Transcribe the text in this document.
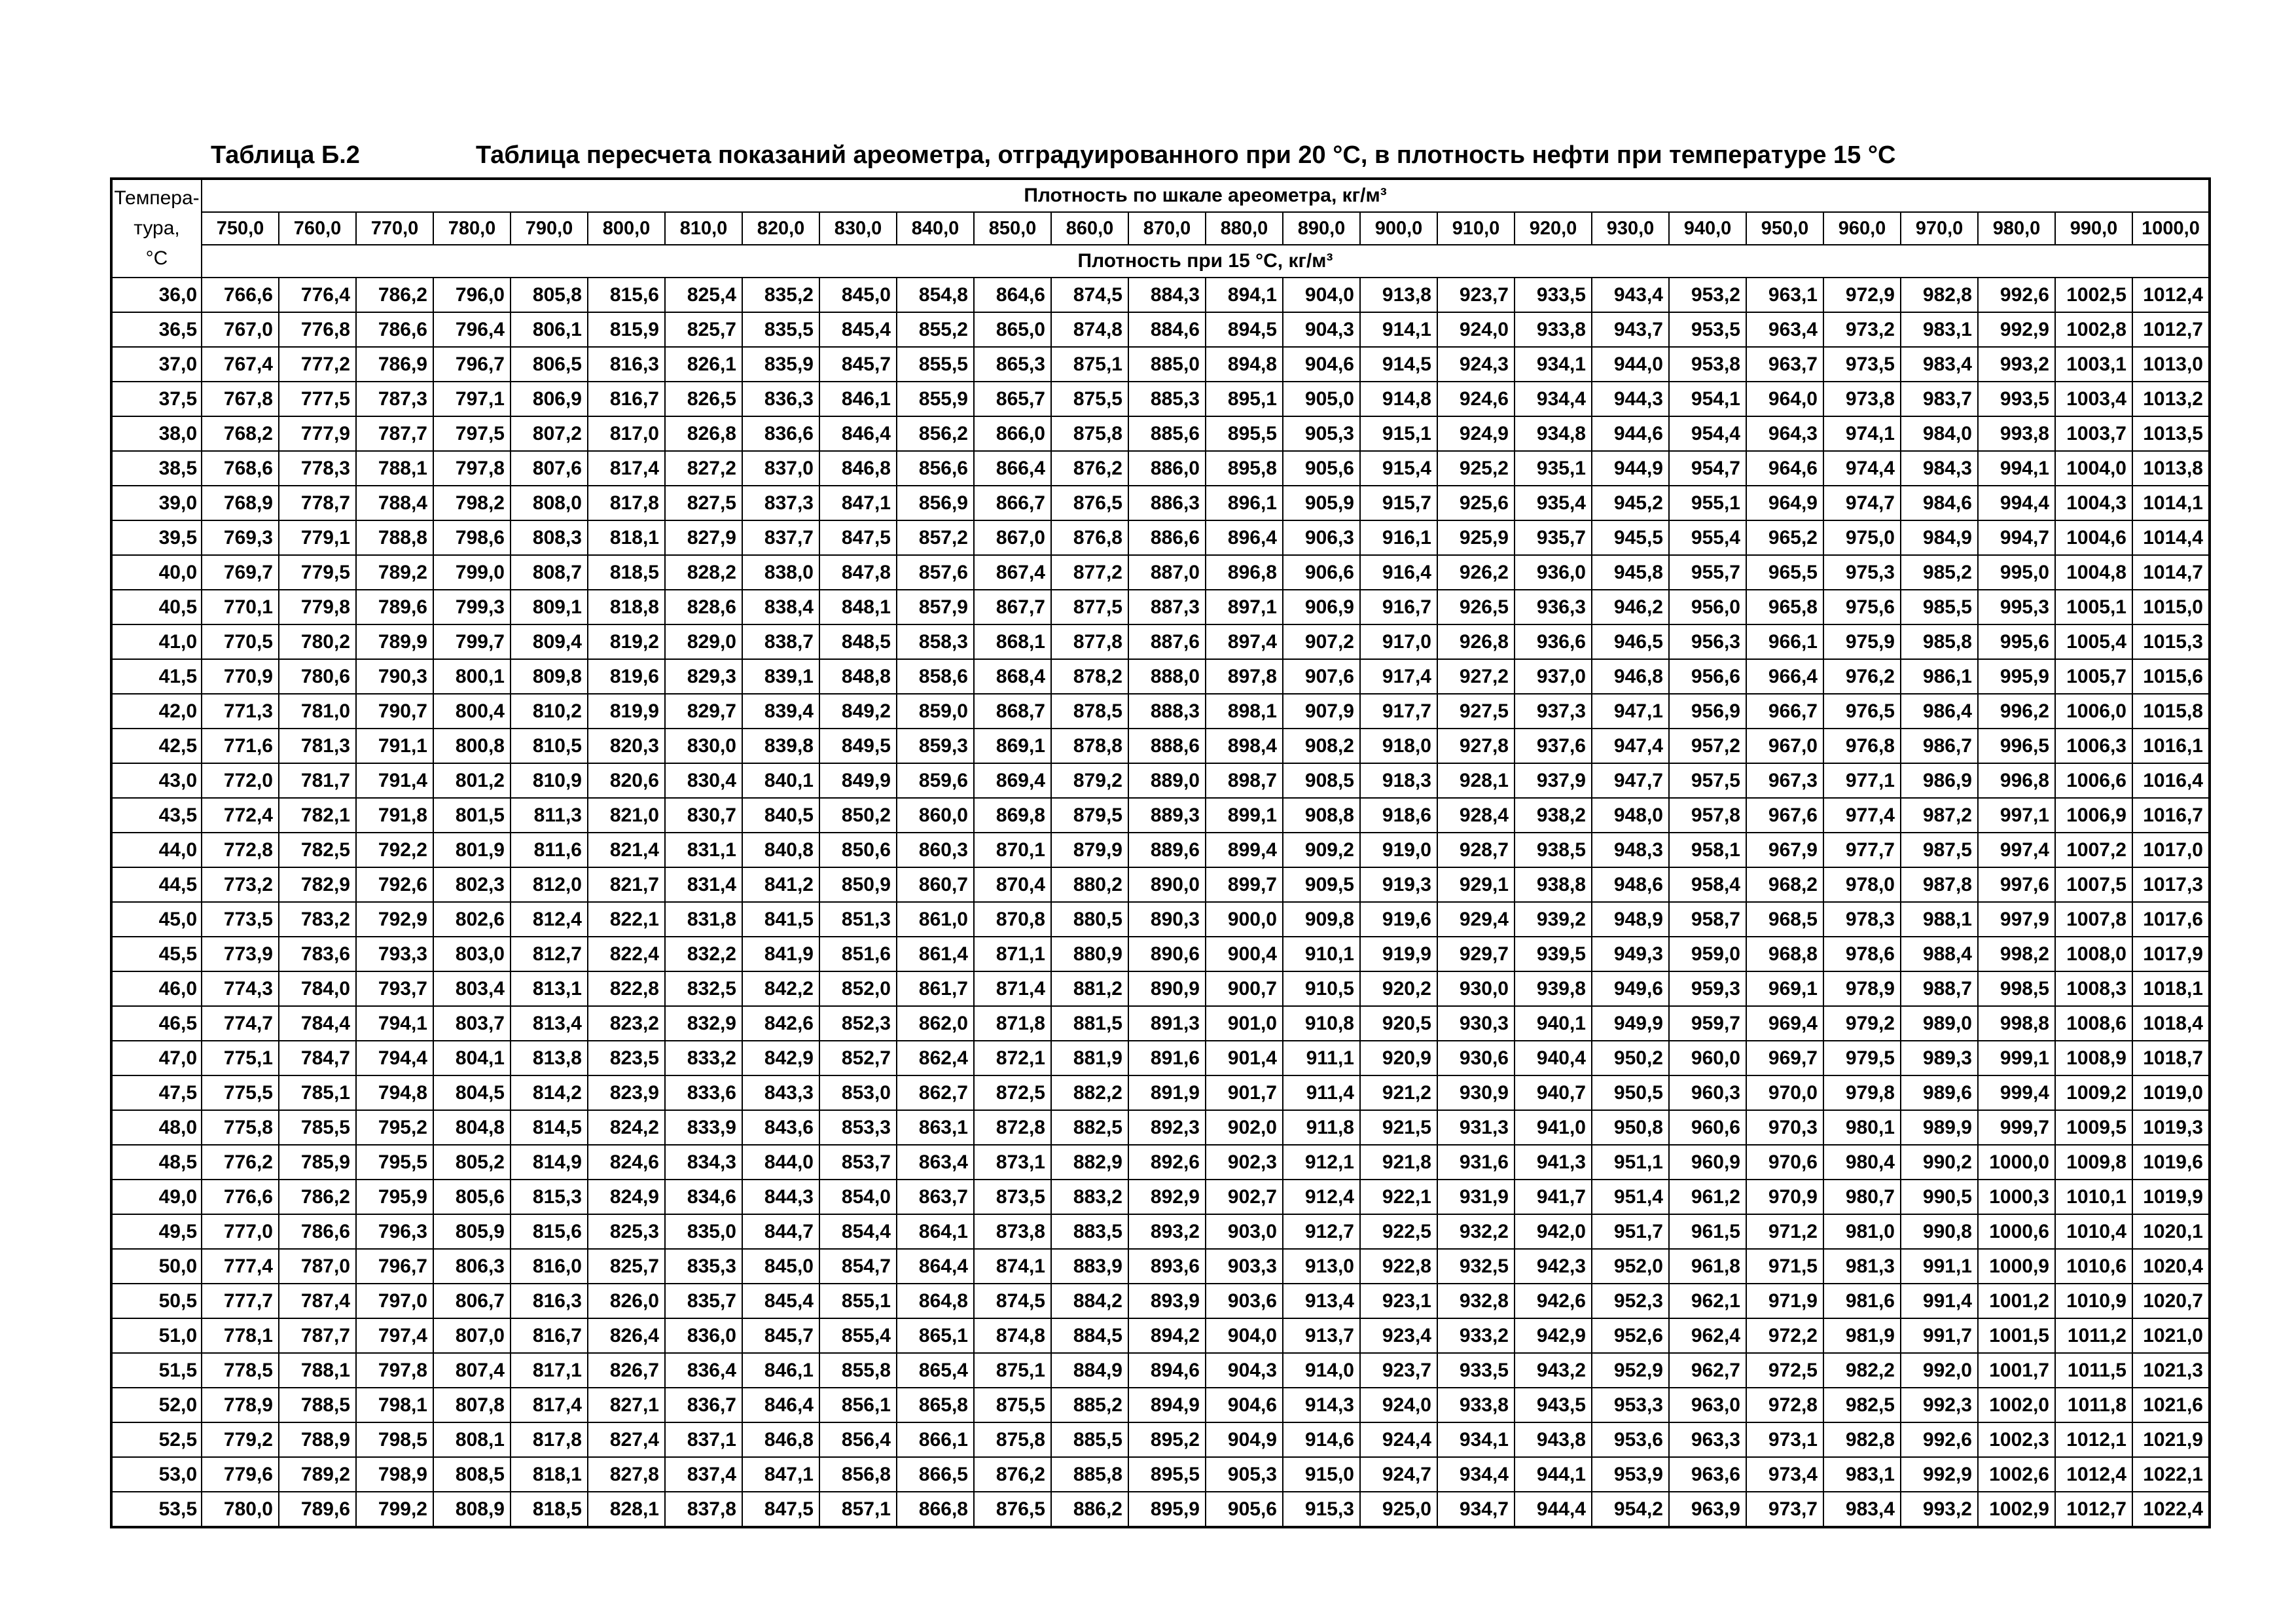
Таблица Б.2	Таблица пересчета показаний ареометра, отградуированного при 20 °С, в плотность нефти при температуре 15 °С
Темпера-
тура,
°С	Плотность по шкале ареометра, кг/м³																									
	750,0	760,0	770,0	780,0	790,0	800,0	810,0	820,0	830,0	840,0	850,0	860,0	870,0	880,0	890,0	900,0	910,0	920,0	930,0	940,0	950,0	960,0	970,0	980,0	990,0	1000,0
	Плотность при 15 °С, кг/м³																									
36,0	766,6	776,4	786,2	796,0	805,8	815,6	825,4	835,2	845,0	854,8	864,6	874,5	884,3	894,1	904,0	913,8	923,7	933,5	943,4	953,2	963,1	972,9	982,8	992,6	1002,5	1012,4
36,5	767,0	776,8	786,6	796,4	806,1	815,9	825,7	835,5	845,4	855,2	865,0	874,8	884,6	894,5	904,3	914,1	924,0	933,8	943,7	953,5	963,4	973,2	983,1	992,9	1002,8	1012,7
37,0	767,4	777,2	786,9	796,7	806,5	816,3	826,1	835,9	845,7	855,5	865,3	875,1	885,0	894,8	904,6	914,5	924,3	934,1	944,0	953,8	963,7	973,5	983,4	993,2	1003,1	1013,0
37,5	767,8	777,5	787,3	797,1	806,9	816,7	826,5	836,3	846,1	855,9	865,7	875,5	885,3	895,1	905,0	914,8	924,6	934,4	944,3	954,1	964,0	973,8	983,7	993,5	1003,4	1013,2
38,0	768,2	777,9	787,7	797,5	807,2	817,0	826,8	836,6	846,4	856,2	866,0	875,8	885,6	895,5	905,3	915,1	924,9	934,8	944,6	954,4	964,3	974,1	984,0	993,8	1003,7	1013,5
38,5	768,6	778,3	788,1	797,8	807,6	817,4	827,2	837,0	846,8	856,6	866,4	876,2	886,0	895,8	905,6	915,4	925,2	935,1	944,9	954,7	964,6	974,4	984,3	994,1	1004,0	1013,8
39,0	768,9	778,7	788,4	798,2	808,0	817,8	827,5	837,3	847,1	856,9	866,7	876,5	886,3	896,1	905,9	915,7	925,6	935,4	945,2	955,1	964,9	974,7	984,6	994,4	1004,3	1014,1
39,5	769,3	779,1	788,8	798,6	808,3	818,1	827,9	837,7	847,5	857,2	867,0	876,8	886,6	896,4	906,3	916,1	925,9	935,7	945,5	955,4	965,2	975,0	984,9	994,7	1004,6	1014,4
40,0	769,7	779,5	789,2	799,0	808,7	818,5	828,2	838,0	847,8	857,6	867,4	877,2	887,0	896,8	906,6	916,4	926,2	936,0	945,8	955,7	965,5	975,3	985,2	995,0	1004,8	1014,7
40,5	770,1	779,8	789,6	799,3	809,1	818,8	828,6	838,4	848,1	857,9	867,7	877,5	887,3	897,1	906,9	916,7	926,5	936,3	946,2	956,0	965,8	975,6	985,5	995,3	1005,1	1015,0
41,0	770,5	780,2	789,9	799,7	809,4	819,2	829,0	838,7	848,5	858,3	868,1	877,8	887,6	897,4	907,2	917,0	926,8	936,6	946,5	956,3	966,1	975,9	985,8	995,6	1005,4	1015,3
41,5	770,9	780,6	790,3	800,1	809,8	819,6	829,3	839,1	848,8	858,6	868,4	878,2	888,0	897,8	907,6	917,4	927,2	937,0	946,8	956,6	966,4	976,2	986,1	995,9	1005,7	1015,6
42,0	771,3	781,0	790,7	800,4	810,2	819,9	829,7	839,4	849,2	859,0	868,7	878,5	888,3	898,1	907,9	917,7	927,5	937,3	947,1	956,9	966,7	976,5	986,4	996,2	1006,0	1015,8
42,5	771,6	781,3	791,1	800,8	810,5	820,3	830,0	839,8	849,5	859,3	869,1	878,8	888,6	898,4	908,2	918,0	927,8	937,6	947,4	957,2	967,0	976,8	986,7	996,5	1006,3	1016,1
43,0	772,0	781,7	791,4	801,2	810,9	820,6	830,4	840,1	849,9	859,6	869,4	879,2	889,0	898,7	908,5	918,3	928,1	937,9	947,7	957,5	967,3	977,1	986,9	996,8	1006,6	1016,4
43,5	772,4	782,1	791,8	801,5	811,3	821,0	830,7	840,5	850,2	860,0	869,8	879,5	889,3	899,1	908,8	918,6	928,4	938,2	948,0	957,8	967,6	977,4	987,2	997,1	1006,9	1016,7
44,0	772,8	782,5	792,2	801,9	811,6	821,4	831,1	840,8	850,6	860,3	870,1	879,9	889,6	899,4	909,2	919,0	928,7	938,5	948,3	958,1	967,9	977,7	987,5	997,4	1007,2	1017,0
44,5	773,2	782,9	792,6	802,3	812,0	821,7	831,4	841,2	850,9	860,7	870,4	880,2	890,0	899,7	909,5	919,3	929,1	938,8	948,6	958,4	968,2	978,0	987,8	997,6	1007,5	1017,3
45,0	773,5	783,2	792,9	802,6	812,4	822,1	831,8	841,5	851,3	861,0	870,8	880,5	890,3	900,0	909,8	919,6	929,4	939,2	948,9	958,7	968,5	978,3	988,1	997,9	1007,8	1017,6
45,5	773,9	783,6	793,3	803,0	812,7	822,4	832,2	841,9	851,6	861,4	871,1	880,9	890,6	900,4	910,1	919,9	929,7	939,5	949,3	959,0	968,8	978,6	988,4	998,2	1008,0	1017,9
46,0	774,3	784,0	793,7	803,4	813,1	822,8	832,5	842,2	852,0	861,7	871,4	881,2	890,9	900,7	910,5	920,2	930,0	939,8	949,6	959,3	969,1	978,9	988,7	998,5	1008,3	1018,1
46,5	774,7	784,4	794,1	803,7	813,4	823,2	832,9	842,6	852,3	862,0	871,8	881,5	891,3	901,0	910,8	920,5	930,3	940,1	949,9	959,7	969,4	979,2	989,0	998,8	1008,6	1018,4
47,0	775,1	784,7	794,4	804,1	813,8	823,5	833,2	842,9	852,7	862,4	872,1	881,9	891,6	901,4	911,1	920,9	930,6	940,4	950,2	960,0	969,7	979,5	989,3	999,1	1008,9	1018,7
47,5	775,5	785,1	794,8	804,5	814,2	823,9	833,6	843,3	853,0	862,7	872,5	882,2	891,9	901,7	911,4	921,2	930,9	940,7	950,5	960,3	970,0	979,8	989,6	999,4	1009,2	1019,0
48,0	775,8	785,5	795,2	804,8	814,5	824,2	833,9	843,6	853,3	863,1	872,8	882,5	892,3	902,0	911,8	921,5	931,3	941,0	950,8	960,6	970,3	980,1	989,9	999,7	1009,5	1019,3
48,5	776,2	785,9	795,5	805,2	814,9	824,6	834,3	844,0	853,7	863,4	873,1	882,9	892,6	902,3	912,1	921,8	931,6	941,3	951,1	960,9	970,6	980,4	990,2	1000,0	1009,8	1019,6
49,0	776,6	786,2	795,9	805,6	815,3	824,9	834,6	844,3	854,0	863,7	873,5	883,2	892,9	902,7	912,4	922,1	931,9	941,7	951,4	961,2	970,9	980,7	990,5	1000,3	1010,1	1019,9
49,5	777,0	786,6	796,3	805,9	815,6	825,3	835,0	844,7	854,4	864,1	873,8	883,5	893,2	903,0	912,7	922,5	932,2	942,0	951,7	961,5	971,2	981,0	990,8	1000,6	1010,4	1020,1
50,0	777,4	787,0	796,7	806,3	816,0	825,7	835,3	845,0	854,7	864,4	874,1	883,9	893,6	903,3	913,0	922,8	932,5	942,3	952,0	961,8	971,5	981,3	991,1	1000,9	1010,6	1020,4
50,5	777,7	787,4	797,0	806,7	816,3	826,0	835,7	845,4	855,1	864,8	874,5	884,2	893,9	903,6	913,4	923,1	932,8	942,6	952,3	962,1	971,9	981,6	991,4	1001,2	1010,9	1020,7
51,0	778,1	787,7	797,4	807,0	816,7	826,4	836,0	845,7	855,4	865,1	874,8	884,5	894,2	904,0	913,7	923,4	933,2	942,9	952,6	962,4	972,2	981,9	991,7	1001,5	1011,2	1021,0
51,5	778,5	788,1	797,8	807,4	817,1	826,7	836,4	846,1	855,8	865,4	875,1	884,9	894,6	904,3	914,0	923,7	933,5	943,2	952,9	962,7	972,5	982,2	992,0	1001,7	1011,5	1021,3
52,0	778,9	788,5	798,1	807,8	817,4	827,1	836,7	846,4	856,1	865,8	875,5	885,2	894,9	904,6	914,3	924,0	933,8	943,5	953,3	963,0	972,8	982,5	992,3	1002,0	1011,8	1021,6
52,5	779,2	788,9	798,5	808,1	817,8	827,4	837,1	846,8	856,4	866,1	875,8	885,5	895,2	904,9	914,6	924,4	934,1	943,8	953,6	963,3	973,1	982,8	992,6	1002,3	1012,1	1021,9
53,0	779,6	789,2	798,9	808,5	818,1	827,8	837,4	847,1	856,8	866,5	876,2	885,8	895,5	905,3	915,0	924,7	934,4	944,1	953,9	963,6	973,4	983,1	992,9	1002,6	1012,4	1022,1
53,5	780,0	789,6	799,2	808,9	818,5	828,1	837,8	847,5	857,1	866,8	876,5	886,2	895,9	905,6	915,3	925,0	934,7	944,4	954,2	963,9	973,7	983,4	993,2	1002,9	1012,7	1022,4
